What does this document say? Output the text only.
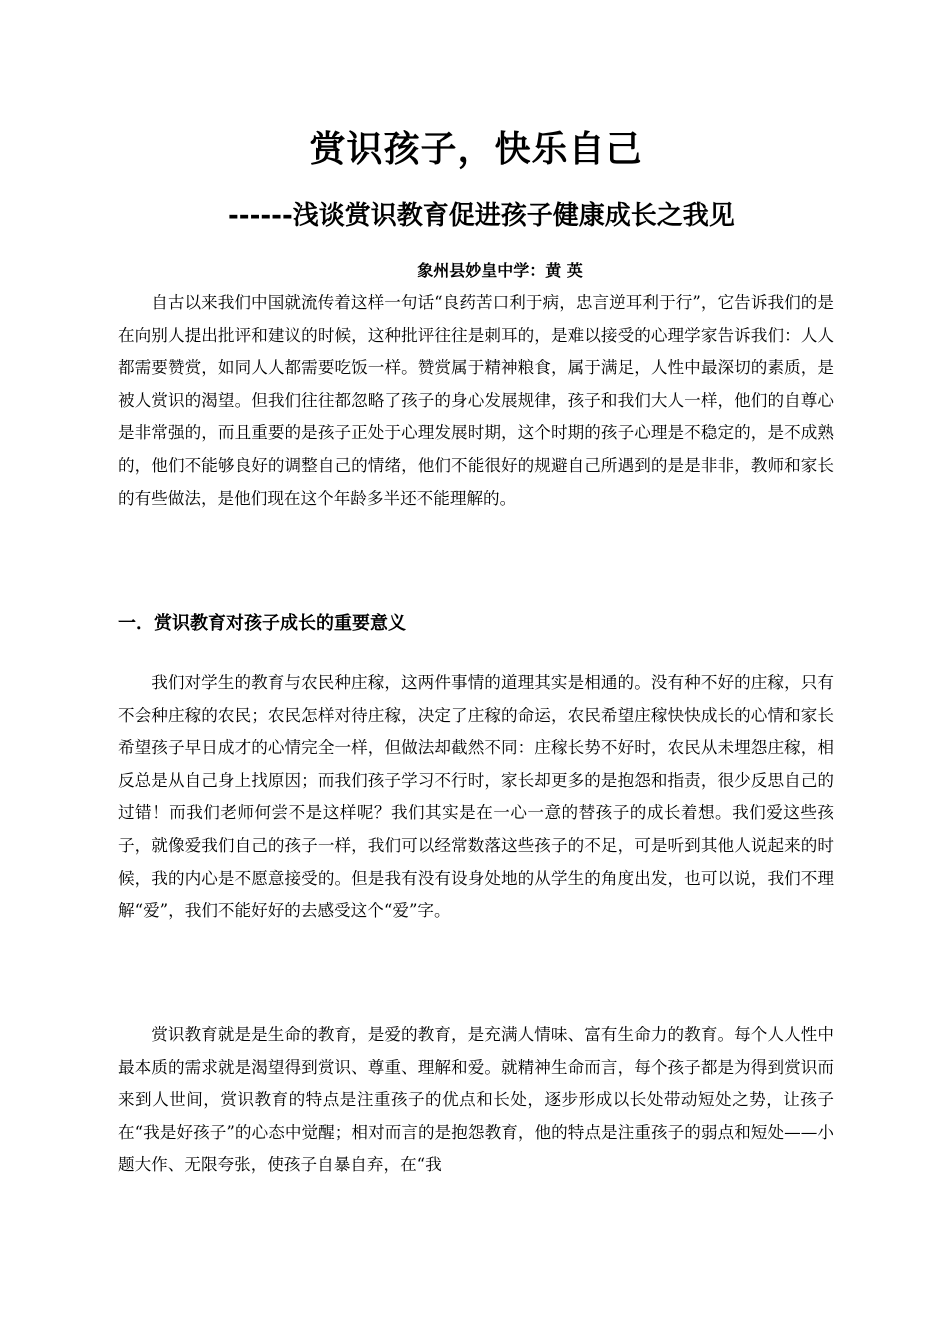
赏识孩子，快乐自己
------浅谈赏识教育促进孩子健康成长之我见

象州县妙皇中学：黄 英

自古以来我们中国就流传着这样一句话“良药苦口利于病，忠言逆耳利于行”，它告诉我们的是在向别人提出批评和建议的时候，这种批评往往是刺耳的，是难以接受的心理学家告诉我们：人人都需要赞赏，如同人人都需要吃饭一样。赞赏属于精神粮食，属于满足，人性中最深切的素质，是被人赏识的渴望。但我们往往都忽略了孩子的身心发展规律，孩子和我们大人一样，他们的自尊心是非常强的，而且重要的是孩子正处于心理发展时期，这个时期的孩子心理是不稳定的，是不成熟的，他们不能够良好的调整自己的情绪，他们不能很好的规避自己所遇到的是是非非，教师和家长的有些做法，是他们现在这个年龄多半还不能理解的。

一．赏识教育对孩子成长的重要意义

我们对学生的教育与农民种庄稼，这两件事情的道理其实是相通的。没有种不好的庄稼，只有不会种庄稼的农民；农民怎样对待庄稼，决定了庄稼的命运，农民希望庄稼快快成长的心情和家长希望孩子早日成才的心情完全一样，但做法却截然不同：庄稼长势不好时，农民从未埋怨庄稼，相反总是从自己身上找原因；而我们孩子学习不行时，家长却更多的是抱怨和指责，很少反思自己的过错！而我们老师何尝不是这样呢？我们其实是在一心一意的替孩子的成长着想。我们爱这些孩子，就像爱我们自己的孩子一样，我们可以经常数落这些孩子的不足，可是听到其他人说起来的时候，我的内心是不愿意接受的。但是我有没有设身处地的从学生的角度出发，也可以说，我们不理解“爱”，我们不能好好的去感受这个“爱”字。

赏识教育就是是生命的教育，是爱的教育，是充满人情味、富有生命力的教育。每个人人性中最本质的需求就是渴望得到赏识、尊重、理解和爱。就精神生命而言，每个孩子都是为得到赏识而来到人世间，赏识教育的特点是注重孩子的优点和长处，逐步形成以长处带动短处之势，让孩子在“我是好孩子”的心态中觉醒；相对而言的是抱怨教育，他的特点是注重孩子的弱点和短处——小题大作、无限夸张，使孩子自暴自弃，在“我
